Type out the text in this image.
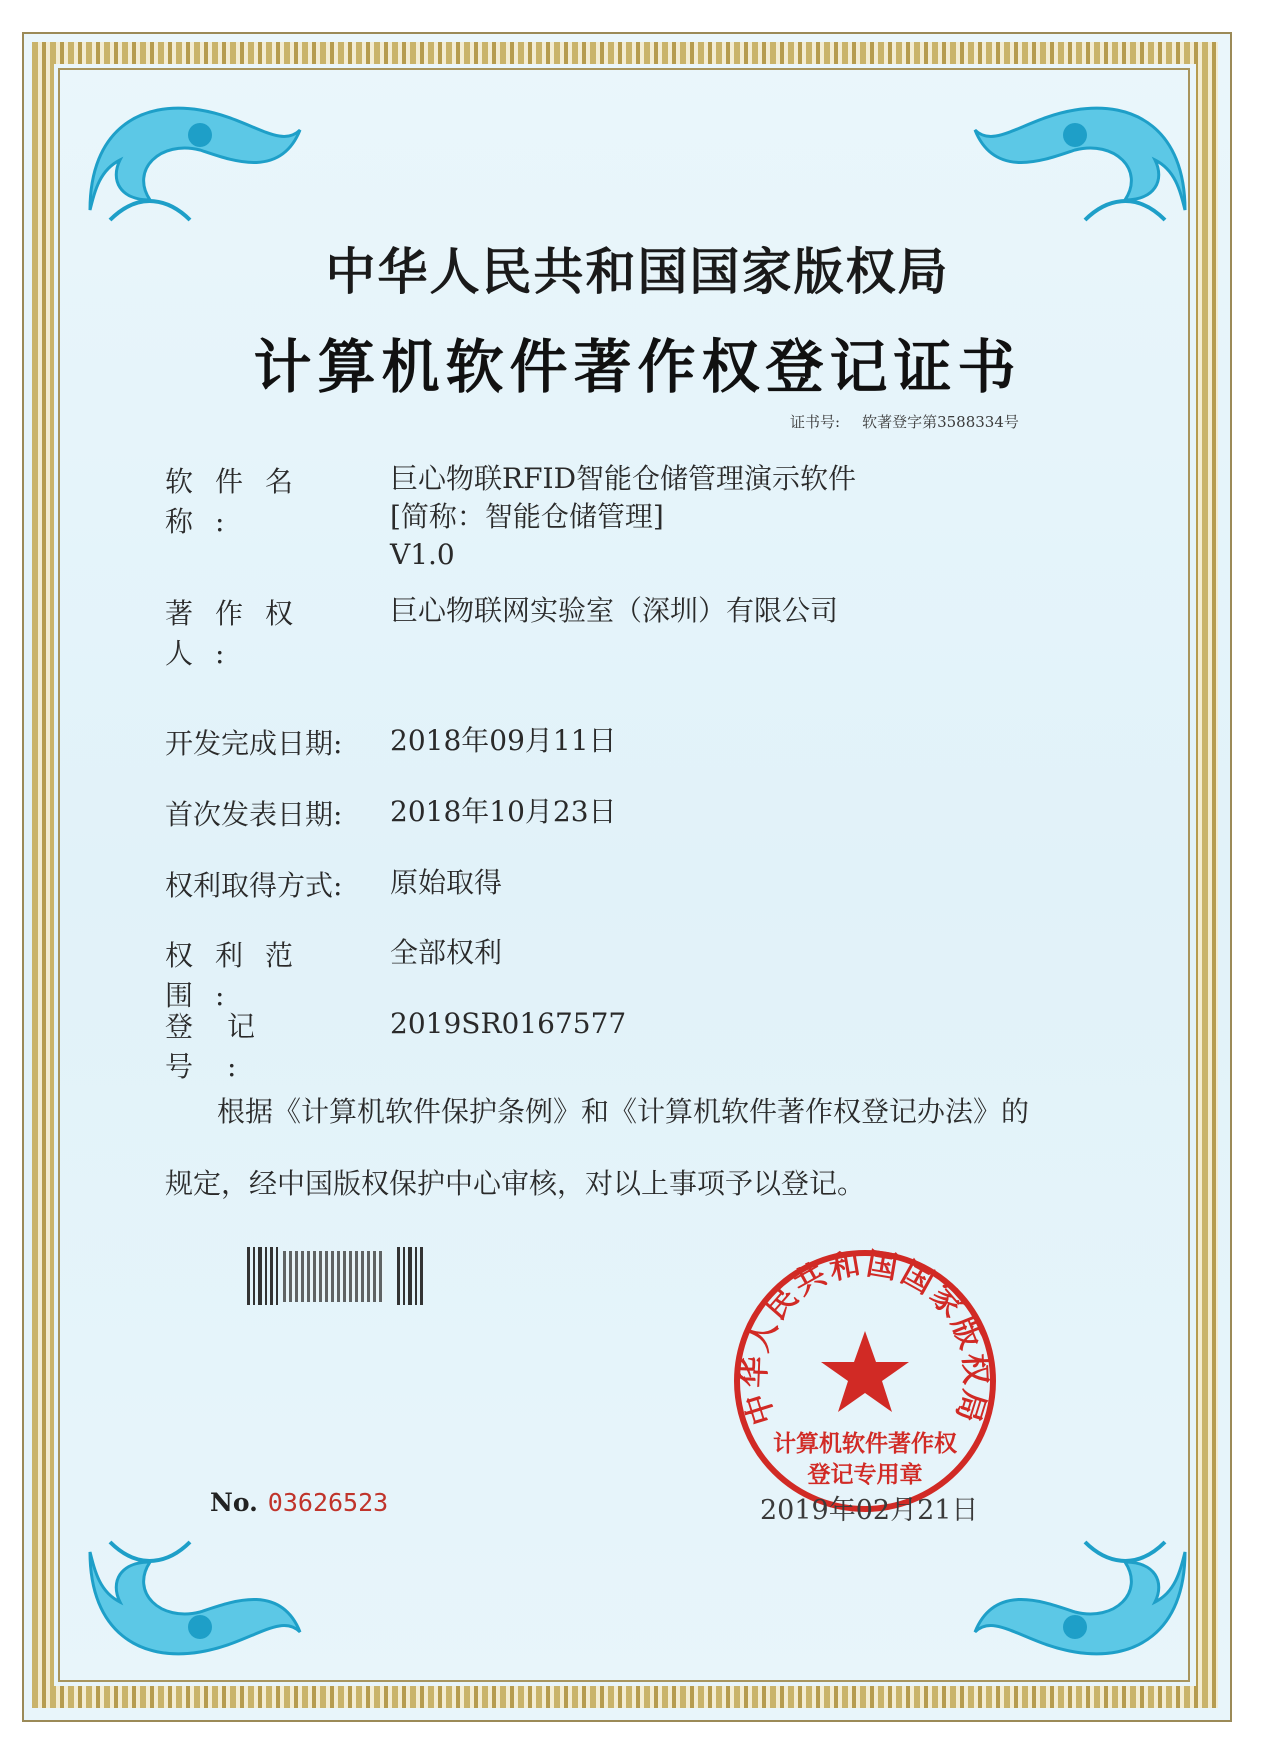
中华人民共和国国家版权局
计算机软件著作权登记证书
证书号: 软著登字第3588334号
软件名称:巨心物联RFID智能仓储管理演示软件
[简称：智能仓储管理]
V1.0
著作权人:巨心物联网实验室（深圳）有限公司
开发完成日期: 2018年09月11日
首次发表日期: 2018年10月23日
权利取得方式: 原始取得
权利范围:全部权利
登记号:2019SR0167577
根据《计算机软件保护条例》和《计算机软件著作权登记办法》的
规定，经中国版权保护中心审核，对以上事项予以登记。
No. 03626523
中华人民共和国国家版权局
计算机软件著作权
登记专用章
2019年02月21日
